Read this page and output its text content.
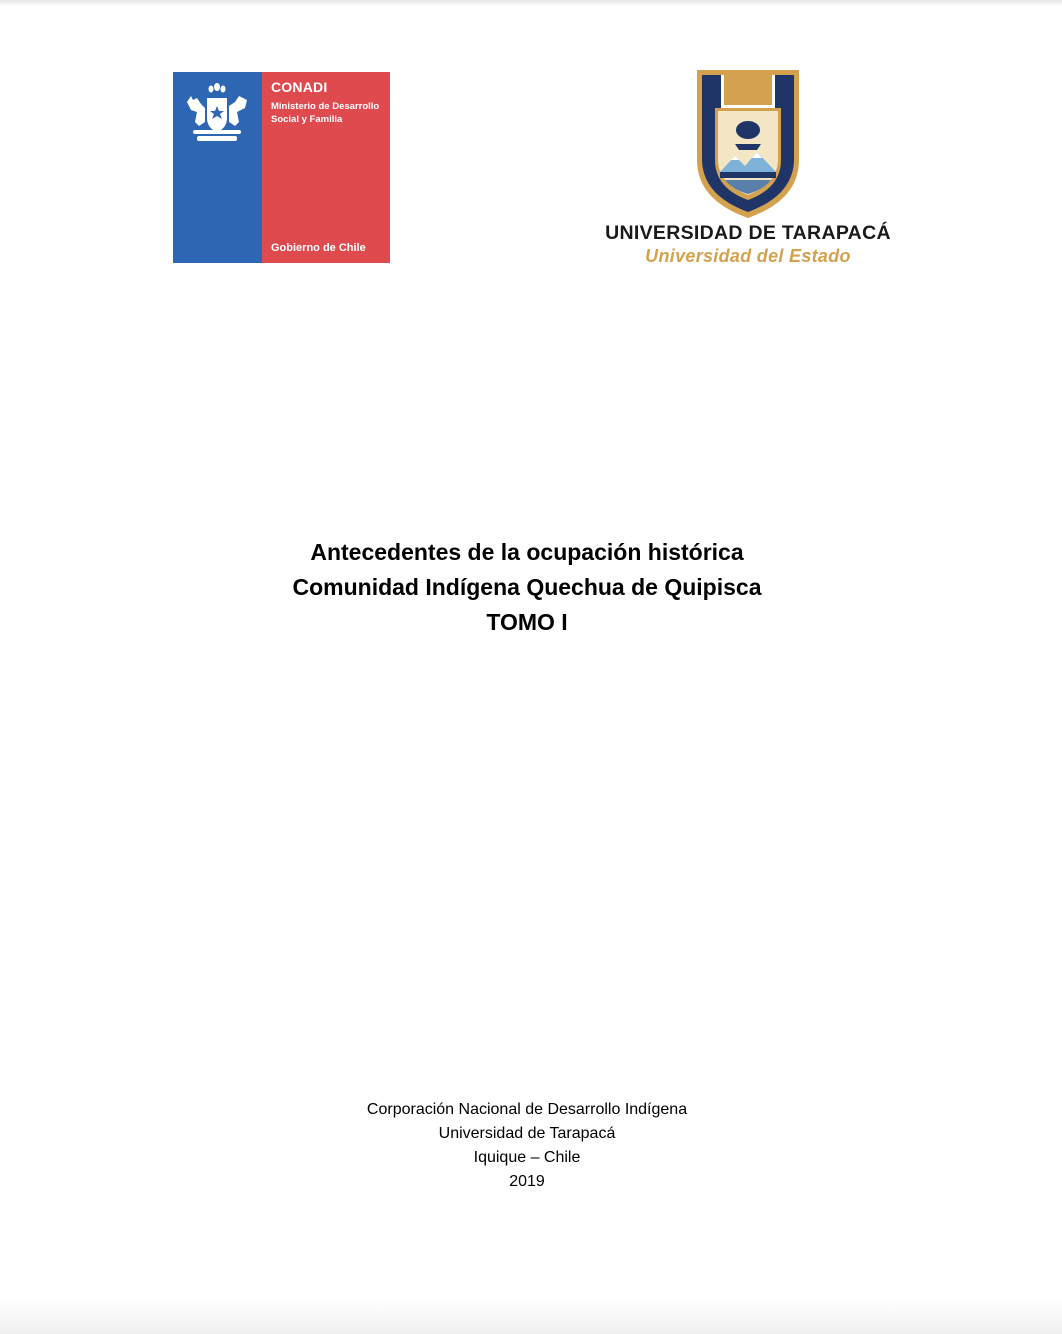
CONADI
Ministerio de Desarrollo Social y Familia
Gobierno de Chile
UNIVERSIDAD DE TARAPACÁ
Universidad del Estado
Antecedentes de la ocupación histórica
Comunidad Indígena Quechua de Quipisca
TOMO I
Corporación Nacional de Desarrollo Indígena
Universidad de Tarapacá
Iquique – Chile
2019
